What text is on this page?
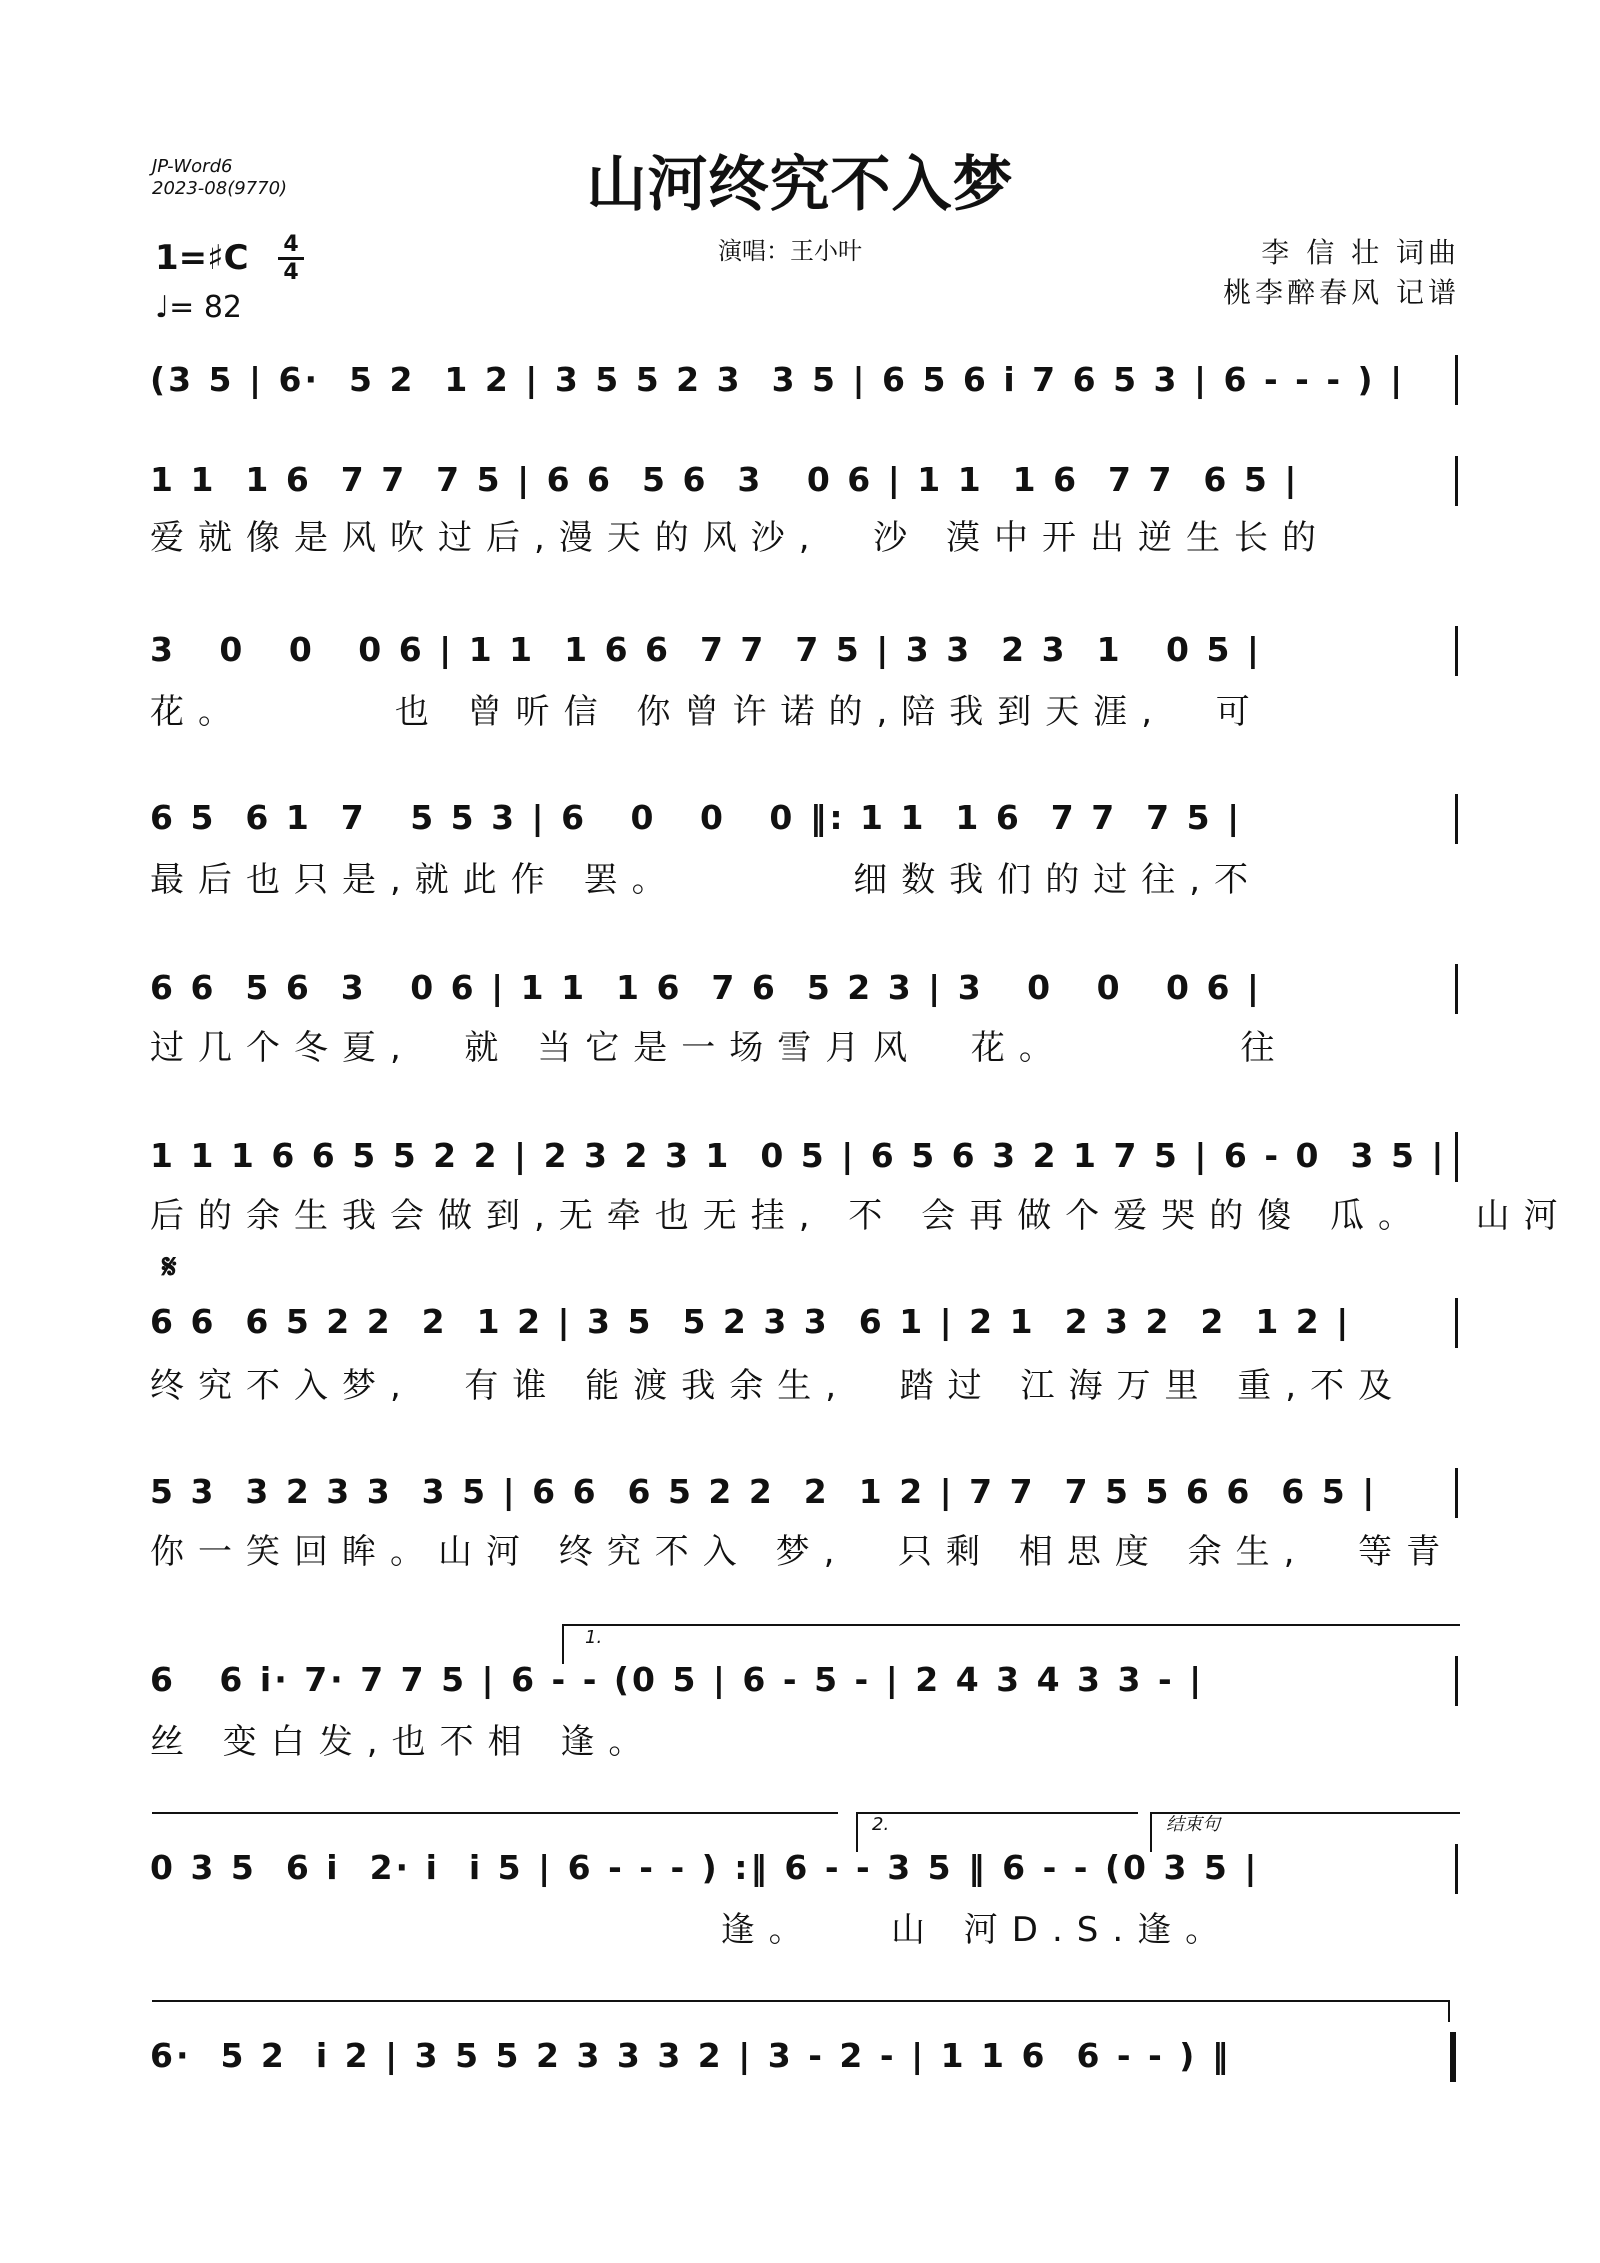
JP-Word6
2023-08(9770)	山河终究不入梦
1=♯C	4
4
♩= 82
演唱：王小叶	李 信 壮 词曲
桃李醉春风 记谱
(3 5 | 6·  5 2  1 2 | 3 5 5 2 3  3 5 | 6 5 6 i 7 6 5 3 | 6 - - - ) |
1 1  1 6  7 7  7 5 | 6 6  5 6  3   0 6 | 1 1  1 6  7 7  6 5 |
爱就像是风吹过后,漫天的风沙,  沙 漠中开出逆生长的
3   0   0   0 6 | 1 1  1 6 6  7 7  7 5 | 3 3  2 3  1   0 5 |
花。      也 曾听信 你曾许诺的,陪我到天涯,  可
6 5  6 1  7   5 5 3 | 6   0   0   0 ‖: 1 1  1 6  7 7  7 5 |
最后也只是,就此作 罢。       细数我们的过往,不
6 6  5 6  3   0 6 | 1 1  1 6  7 6  5 2 3 | 3   0   0   0 6 |
过几个冬夏,  就 当它是一场雪月风  花。       往
1 1 1 6 6 5 5 2 2 | 2 3 2 3 1  0 5 | 6 5 6 3 2 1 7 5 | 6 - 0  3 5 |
后的余生我会做到,无牵也无挂, 不 会再做个爱哭的傻 瓜。  山河
𝄋
6 6  6 5 2 2  2  1 2 | 3 5  5 2 3 3  6 1 | 2 1  2 3 2  2  1 2 |
终究不入梦,  有谁 能渡我余生,  踏过 江海万里 重,不及
5 3  3 2 3 3  3 5 | 6 6  6 5 2 2  2  1 2 | 7 7  7 5 5 6 6  6 5 |
你一笑回眸。山河 终究不入 梦,  只剩 相思度 余生,  等青
1.
6   6 i· 7· 7 7 5 | 6 - - (0 5 | 6 - 5 - | 2 4 3 4 3 3 - |
丝 变白发,也不相 逢。
2.	结束句
0 3 5  6 i  2· i  i 5 | 6 - - - ) :‖ 6 - - 3 5 ‖ 6 - - (0 3 5 |
逢。   山 河D.S.逢。
6·  5 2  i 2 | 3 5 5 2 3 3 3 2 | 3 - 2 - | 1 1 6  6 - - ) ‖
